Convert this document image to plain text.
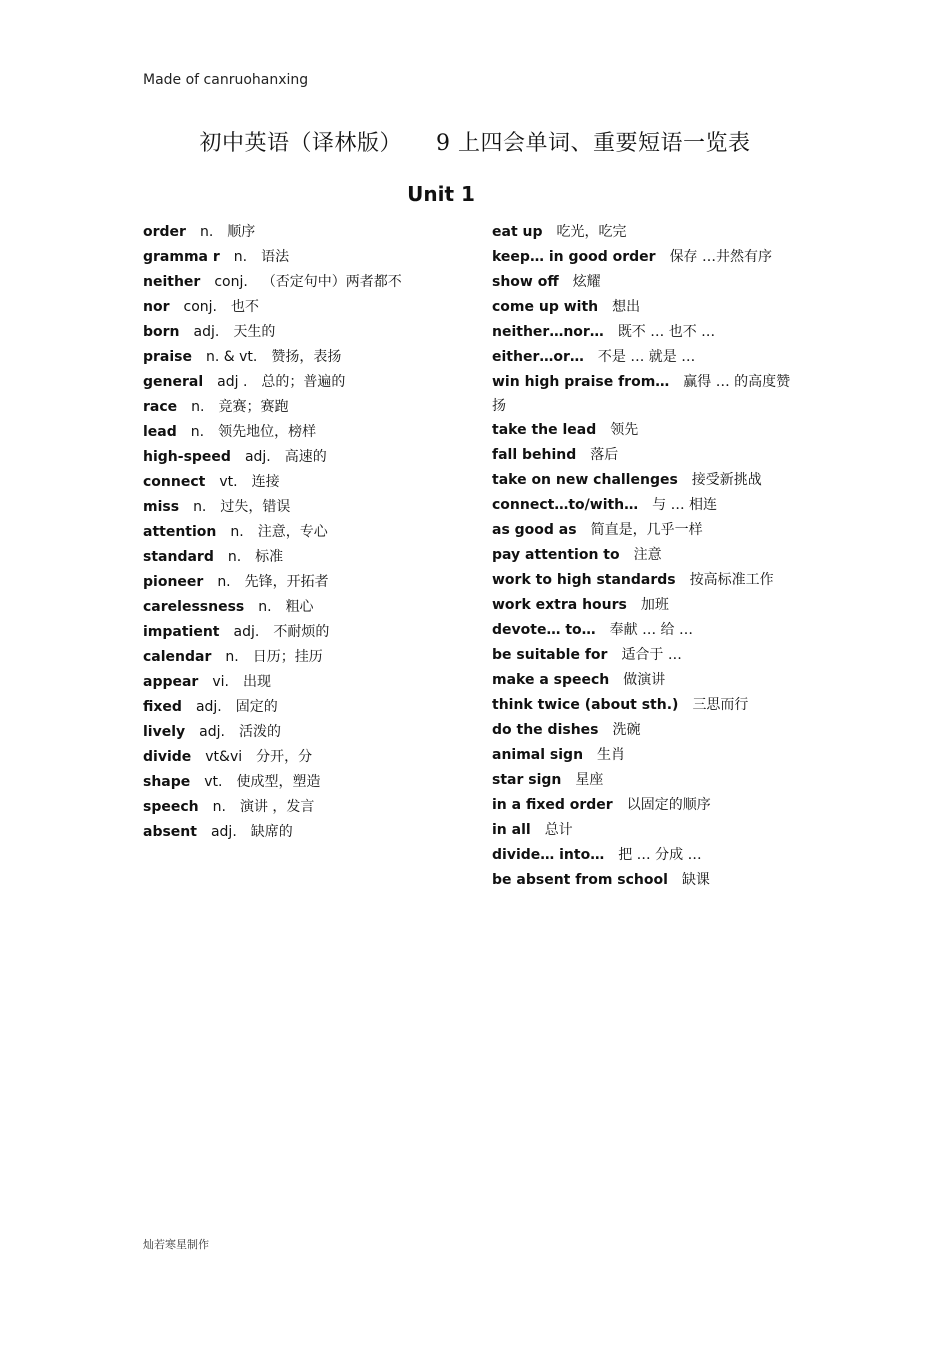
Made of canruohanxing
初中英语（译林版） 9 上四会单词、重要短语一览表
Unit 1
order n. 顺序
gramma r n. 语法
neither conj. （否定句中）两者都不
nor conj. 也不
born adj. 天生的
praise n. & vt. 赞扬，表扬
general adj . 总的；普遍的
race n. 竞赛；赛跑
lead n. 领先地位，榜样
high-speed adj. 高速的
connect vt. 连接
miss n. 过失，错误
attention n. 注意，专心
standard n. 标准
pioneer n. 先锋，开拓者
carelessness n. 粗心
impatient adj. 不耐烦的
calendar n. 日历；挂历
appear vi. 出现
fixed adj. 固定的
lively adj. 活泼的
divide vt&vi 分开，分
shape vt. 使成型，塑造
speech n. 演讲 ，发言
absent adj. 缺席的
eat up 吃光，吃完
keep… in good order 保存 …井然有序
show off 炫耀
come up with 想出
neither…nor… 既不 … 也不 …
either…or… 不是 … 就是 …
win high praise from… 赢得 … 的高度赞扬
take the lead 领先
fall behind 落后
take on new challenges 接受新挑战
connect…to/with… 与 … 相连
as good as 简直是，几乎一样
pay attention to 注意
work to high standards 按高标准工作
work extra hours 加班
devote… to… 奉献 … 给 …
be suitable for 适合于 …
make a speech 做演讲
think twice (about sth.) 三思而行
do the dishes 洗碗
animal sign 生肖
star sign 星座
in a fixed order 以固定的顺序
in all 总计
divide… into… 把 … 分成 …
be absent from school 缺课
灿若寒星制作
